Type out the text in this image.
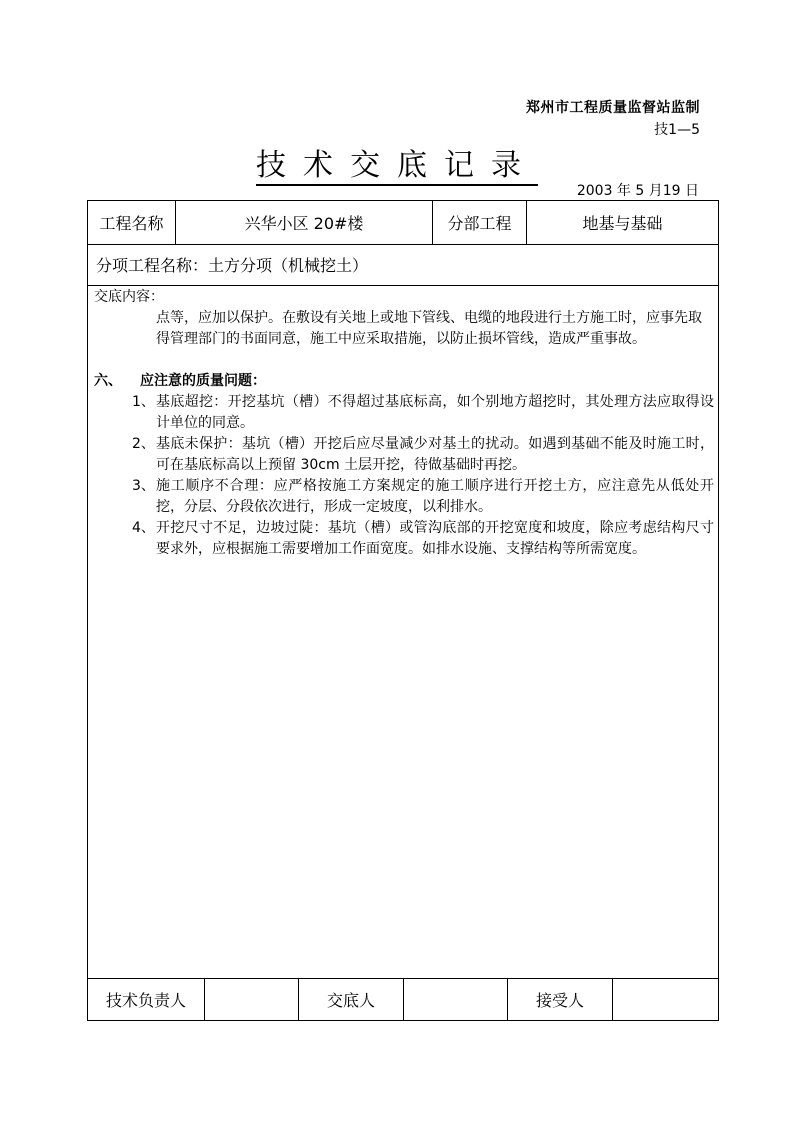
郑州市工程质量监督站监制
技1—5
技术交底记录
2003 年 5 月19 日
工程名称	兴华小区 20#楼	分部工程	地基与基础
分项工程名称： 土方分项（机械挖土）
交底内容：
点等，应加以保护。在敷设有关地上或地下管线、电缆的地段进行土方施工时，应事先取得管理部门的书面同意，施工中应采取措施，以防止损坏管线，造成严重事故。
六、 应注意的质量问题：
1、 基底超挖：开挖基坑（槽）不得超过基底标高，如个别地方超挖时，其处理方法应取得设计单位的同意。
2、 基底未保护：基坑（槽）开挖后应尽量减少对基土的扰动。如遇到基础不能及时施工时，可在基底标高以上预留 30cm 土层开挖，待做基础时再挖。
3、 施工顺序不合理：应严格按施工方案规定的施工顺序进行开挖土方，应注意先从低处开挖，分层、分段依次进行，形成一定坡度，以利排水。
4、 开挖尺寸不足，边坡过陡：基坑（槽）或管沟底部的开挖宽度和坡度，除应考虑结构尺寸要求外，应根据施工需要增加工作面宽度。如排水设施、支撑结构等所需宽度。
技术负责人	交底人	接受人
